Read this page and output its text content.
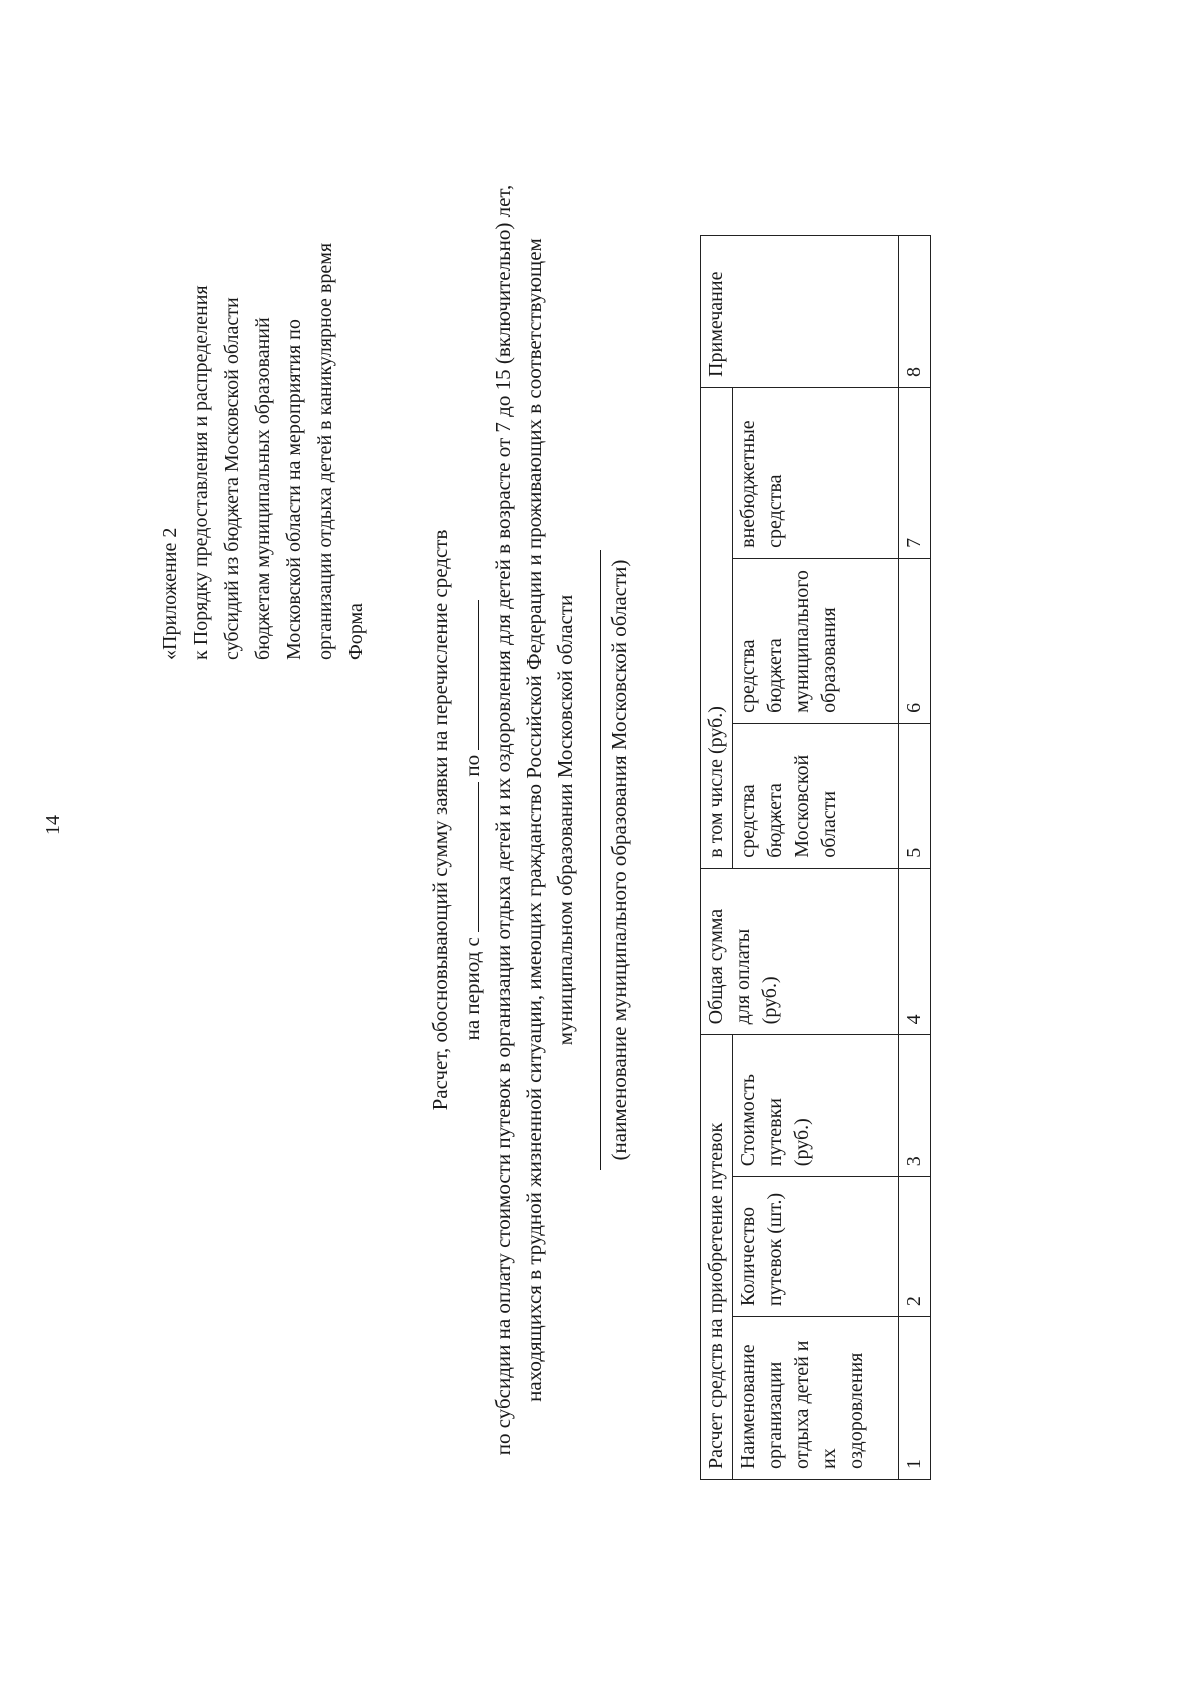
14
«Приложение 2 к Порядку предоставления и распределения субсидий из бюджета Московской области бюджетам муниципальных образований Московской области на мероприятия по организации отдыха детей в каникулярное время Форма	Расчет, обосновывающий сумму заявки на перечисление средств на период с  по по субсидии на оплату стоимости путевок в организации отдыха детей и их оздоровления для детей в возрасте от 7 до 15 (включительно) лет, находящихся в трудной жизненной ситуации, имеющих гражданство Российской Федерации и проживающих в соответствующем муниципальном образовании Московской области (наименование муниципального образования Московской области)
Расчет средств на приобретение путевок			Общая сумма для оплаты (руб.)	в том числе (руб.)			Примечание
Наименование организации отдыха детей и их оздоровления	Количество путевок (шт.)	Стоимость путевки (руб.)		средства бюджета Московской области	средства бюджета муниципального образования	внебюджетные средства	
1	2	3	4	5	6	7	8
